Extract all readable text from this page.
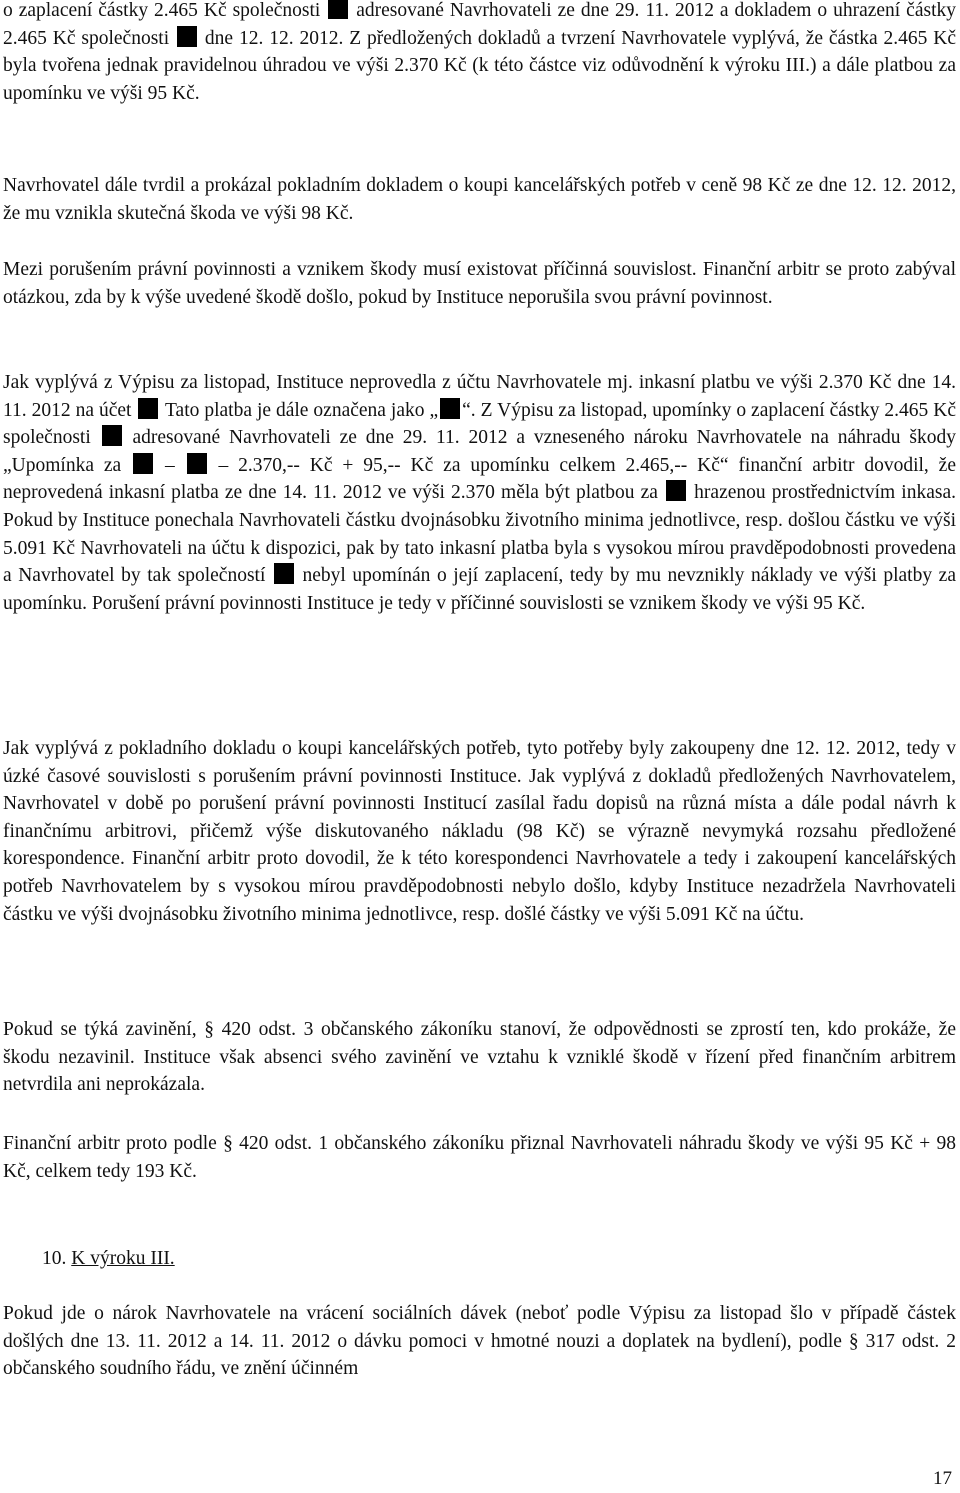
o zaplacení částky 2.465 Kč společnosti  adresované Navrhovateli ze dne 29. 11. 2012 a dokladem o uhrazení částky 2.465 Kč společnosti  dne 12. 12. 2012. Z předložených dokladů a tvrzení Navrhovatele vyplývá, že částka 2.465 Kč byla tvořena jednak pravidelnou úhradou ve výši 2.370 Kč (k této částce viz odůvodnění k výroku III.) a dále platbou za upomínku ve výši 95 Kč.

Navrhovatel dále tvrdil a prokázal pokladním dokladem o koupi kancelářských potřeb v ceně 98 Kč ze dne 12. 12. 2012, že mu vznikla skutečná škoda ve výši 98 Kč.

Mezi porušením právní povinnosti a vznikem škody musí existovat příčinná souvislost. Finanční arbitr se proto zabýval otázkou, zda by k výše uvedené škodě došlo, pokud by Instituce neporušila svou právní povinnost.

Jak vyplývá z Výpisu za listopad, Instituce neprovedla z účtu Navrhovatele mj. inkasní platbu ve výši 2.370 Kč dne 14. 11. 2012 na účet  Tato platba je dále označena jako „ “. Z Výpisu za listopad, upomínky o zaplacení částky 2.465 Kč společnosti  adresované Navrhovateli ze dne 29. 11. 2012 a vzneseného nároku Navrhovatele na náhradu škody „Upomínka za  –  – 2.370,-- Kč + 95,-- Kč za upomínku celkem 2.465,-- Kč“ finanční arbitr dovodil, že neprovedená inkasní platba ze dne 14. 11. 2012 ve výši 2.370 měla být platbou za  hrazenou prostřednictvím inkasa. Pokud by Instituce ponechala Navrhovateli částku dvojnásobku životního minima jednotlivce, resp. došlou částku ve výši 5.091 Kč Navrhovateli na účtu k dispozici, pak by tato inkasní platba byla s vysokou mírou pravděpodobnosti provedena a Navrhovatel by tak společností  nebyl upomínán o její zaplacení, tedy by mu nevznikly náklady ve výši platby za upomínku. Porušení právní povinnosti Instituce je tedy v příčinné souvislosti se vznikem škody ve výši 95 Kč.

Jak vyplývá z pokladního dokladu o koupi kancelářských potřeb, tyto potřeby byly zakoupeny dne 12. 12. 2012, tedy v úzké časové souvislosti s porušením právní povinnosti Instituce. Jak vyplývá z dokladů předložených Navrhovatelem, Navrhovatel v době po porušení právní povinnosti Institucí zasílal řadu dopisů na různá místa a dále podal návrh k finančnímu arbitrovi, přičemž výše diskutovaného nákladu (98 Kč) se výrazně nevymyká rozsahu předložené korespondence. Finanční arbitr proto dovodil, že k této korespondenci Navrhovatele a tedy i zakoupení kancelářských potřeb Navrhovatelem by s vysokou mírou pravděpodobnosti nebylo došlo, kdyby Instituce nezadržela Navrhovateli částku ve výši dvojnásobku životního minima jednotlivce, resp. došlé částky ve výši 5.091 Kč na účtu.

Pokud se týká zavinění, § 420 odst. 3 občanského zákoníku stanoví, že odpovědnosti se zprostí ten, kdo prokáže, že škodu nezavinil. Instituce však absenci svého zavinění ve vztahu k vzniklé škodě v řízení před finančním arbitrem netvrdila ani neprokázala.

Finanční arbitr proto podle § 420 odst. 1 občanského zákoníku přiznal Navrhovateli náhradu škody ve výši 95 Kč + 98 Kč, celkem tedy 193 Kč.

10. K výroku III.

Pokud jde o nárok Navrhovatele na vrácení sociálních dávek (neboť podle Výpisu za listopad šlo v případě částek došlých dne 13. 11. 2012 a 14. 11. 2012 o dávku pomoci v hmotné nouzi a doplatek na bydlení), podle § 317 odst. 2 občanského soudního řádu, ve znění účinném

17
